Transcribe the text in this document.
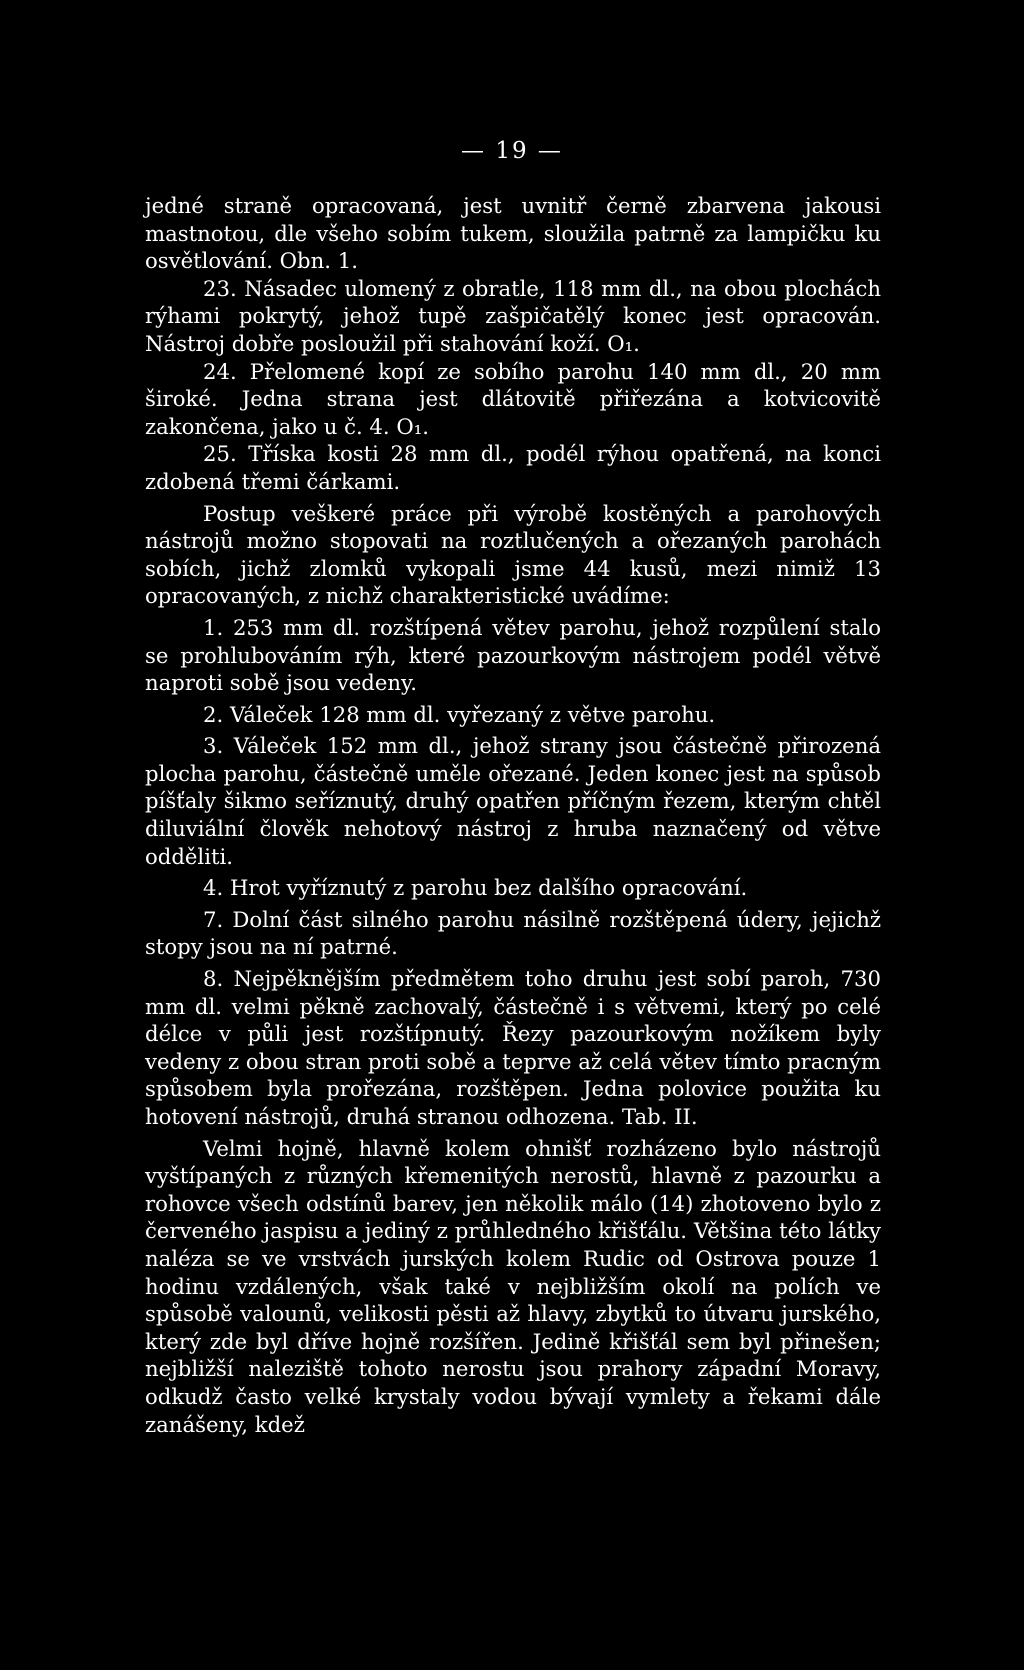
— 19 —

jedné straně opracovaná, jest uvnitř černě zbarvena jakousi mastnotou, dle všeho sobím tukem, sloužila patrně za lampičku ku osvětlování. Obn. 1.

23. Násadec ulomený z obratle, 118 mm dl., na obou plochách rýhami pokrytý, jehož tupě zašpičatělý konec jest opracován. Nástroj dobře posloužil při stahování koží. O₁.

24. Přelomené kopí ze sobího parohu 140 mm dl., 20 mm široké. Jedna strana jest dlátovitě přiřezána a kotvicovitě zakončena, jako u č. 4. O₁.

25. Tříska kosti 28 mm dl., podél rýhou opatřená, na konci zdobená třemi čárkami.

Postup veškeré práce při výrobě kostěných a parohových nástrojů možno stopovati na roztlučených a ořezaných parohách sobích, jichž zlomků vykopali jsme 44 kusů, mezi nimiž 13 opracovaných, z nichž charakteristické uvádíme:

1. 253 mm dl. rozštípená větev parohu, jehož rozpůlení stalo se prohlubováním rýh, které pazourkovým nástrojem podél větvě naproti sobě jsou vedeny.

2. Váleček 128 mm dl. vyřezaný z větve parohu.

3. Váleček 152 mm dl., jehož strany jsou částečně přirozená plocha parohu, částečně uměle ořezané. Jeden konec jest na spůsob píšťaly šikmo seříznutý, druhý opatřen příčným řezem, kterým chtěl diluviální člověk nehotový nástroj z hruba naznačený od větve odděliti.

4. Hrot vyříznutý z parohu bez dalšího opracování.

7. Dolní část silného parohu násilně rozštěpená údery, jejichž stopy jsou na ní patrné.

8. Nejpěknějším předmětem toho druhu jest sobí paroh, 730 mm dl. velmi pěkně zachovalý, částečně i s větvemi, který po celé délce v půli jest rozštípnutý. Řezy pazourkovým nožíkem byly vedeny z obou stran proti sobě a teprve až celá větev tímto pracným spůsobem byla prořezána, rozštěpen. Jedna polovice použita ku hotovení nástrojů, druhá stranou odhozena. Tab. II.

Velmi hojně, hlavně kolem ohnišť rozházeno bylo nástrojů vyštípaných z různých křemenitých nerostů, hlavně z pazourku a rohovce všech odstínů barev, jen několik málo (14) zhotoveno bylo z červeného jaspisu a jediný z průhledného křišťálu. Většina této látky naléza se ve vrstvách jurských kolem Rudic od Ostrova pouze 1 hodinu vzdálených, však také v nejbližším okolí na polích ve spůsobě valounů, velikosti pěsti až hlavy, zbytků to útvaru jurského, který zde byl dříve hojně rozšířen. Jedině křišťál sem byl přinešen; nejbližší naleziště tohoto nerostu jsou prahory západní Moravy, odkudž často velké krystaly vodou bývají vymlety a řekami dále zanášeny, kdež
